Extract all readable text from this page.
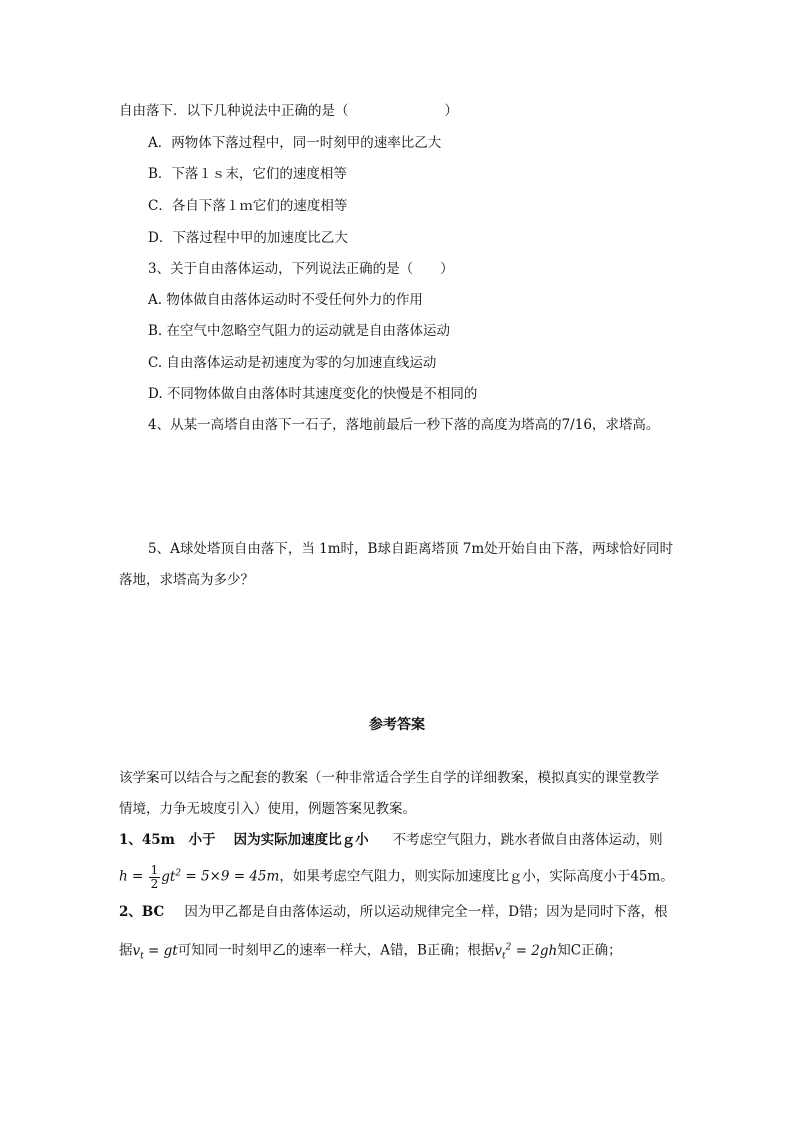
自由落下．以下几种说法中正确的是（	）
A．两物体下落过程中，同一时刻甲的速率比乙大
B．下落１ｓ末，它们的速度相等
C．各自下落１ｍ它们的速度相等
D．下落过程中甲的加速度比乙大
3、关于自由落体运动，下列说法正确的是（　　）
A. 物体做自由落体运动时不受任何外力的作用
B. 在空气中忽略空气阻力的运动就是自由落体运动
C. 自由落体运动是初速度为零的匀加速直线运动
D. 不同物体做自由落体时其速度变化的快慢是不相同的
4、从某一高塔自由落下一石子，落地前最后一秒下落的高度为塔高的7/16，求塔高。
5、A球处塔顶自由落下，当 1m时，B球自距离塔顶 7m处开始自由下落，两球恰好同时
落地，求塔高为多少？
参考答案
该学案可以结合与之配套的教案（一种非常适合学生自学的详细教案，模拟真实的课堂教学
情境，力争无坡度引入）使用，例题答案见教案。
1、45m　小于　 因为实际加速度比ｇ小 不考虑空气阻力，跳水者做自由落体运动，则
$h = \frac{1}{2} gt^2 = 5\times 9 = 45m$，如果考虑空气阻力，则实际加速度比ｇ小，实际高度小于45m。
2、BC 因为甲乙都是自由落体运动，所以运动规律完全一样，D错；因为是同时下落，根
据$v_t$ = gt可知同一时刻甲乙的速率一样大，A错，B正确；根据$v_t^2 = 2gh$知C正确；
